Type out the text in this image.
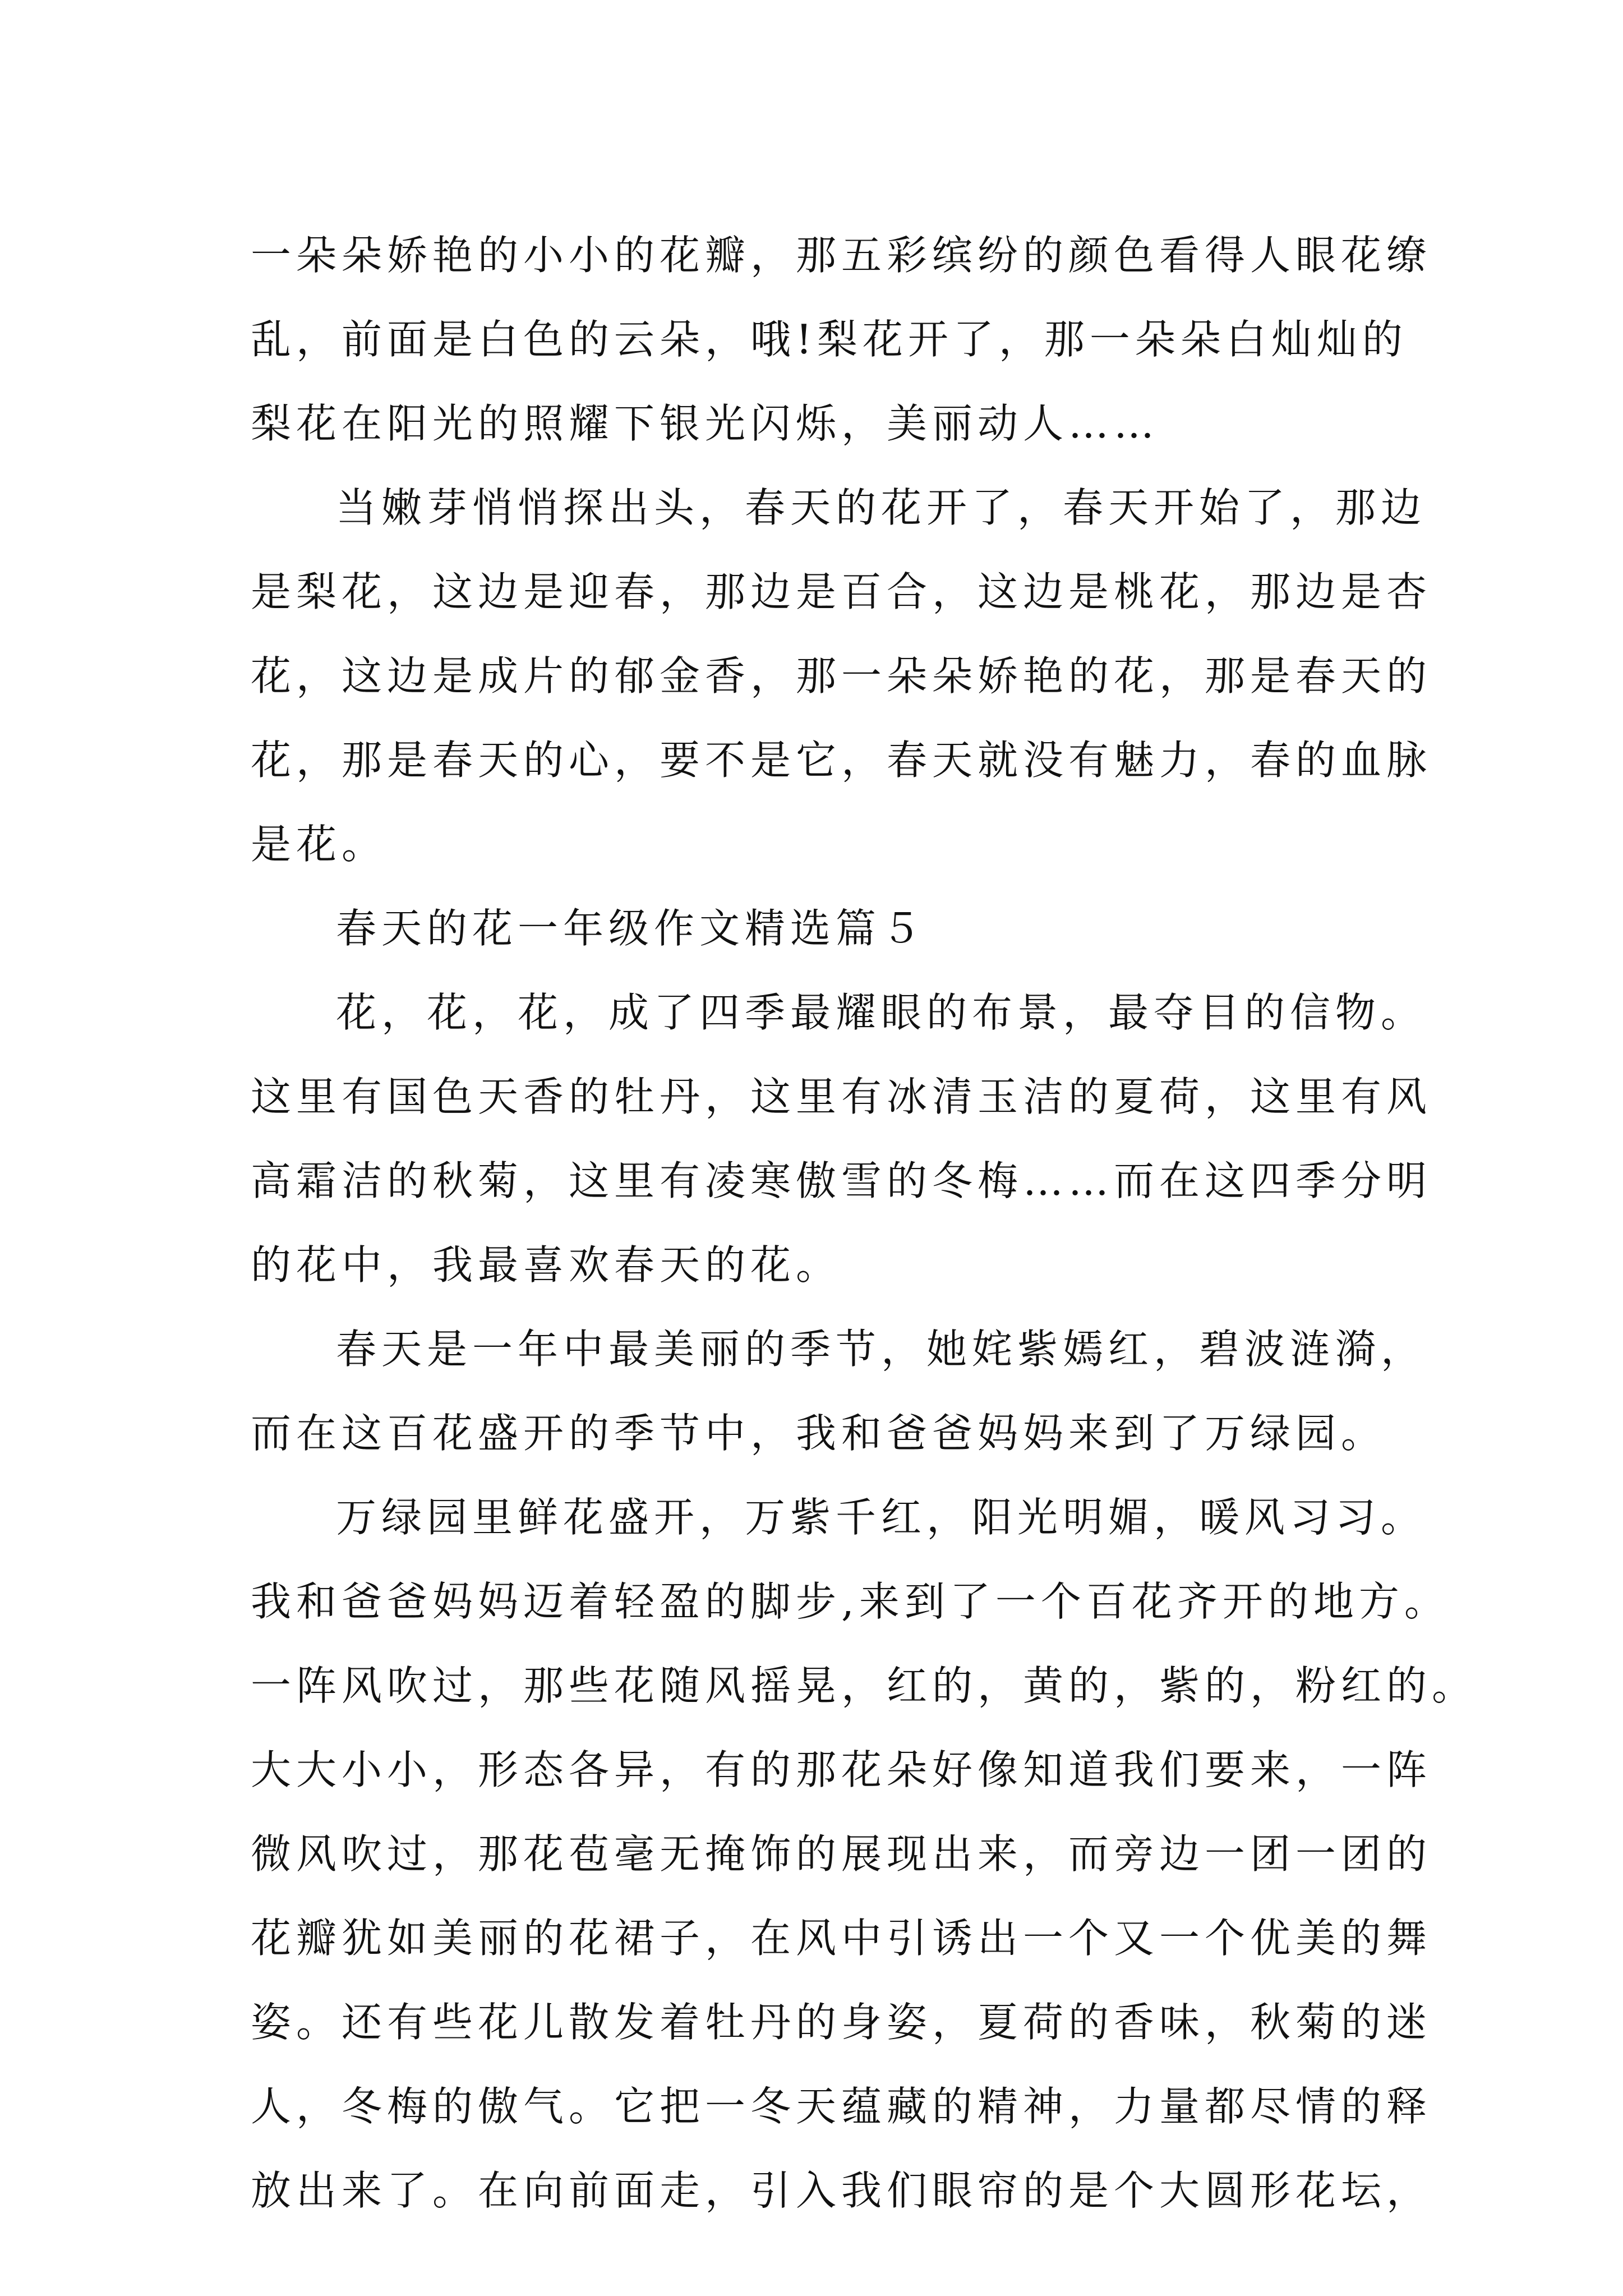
一朵朵娇艳的小小的花瓣，那五彩缤纷的颜色看得人眼花缭
乱，前面是白色的云朵，哦!梨花开了，那一朵朵白灿灿的
梨花在阳光的照耀下银光闪烁，美丽动人……
当嫩芽悄悄探出头，春天的花开了，春天开始了，那边
是梨花，这边是迎春，那边是百合，这边是桃花，那边是杏
花，这边是成片的郁金香，那一朵朵娇艳的花，那是春天的
花，那是春天的心，要不是它，春天就没有魅力，春的血脉
是花。
春天的花一年级作文精选篇５
花，花，花，成了四季最耀眼的布景，最夺目的信物。
这里有国色天香的牡丹，这里有冰清玉洁的夏荷，这里有风
高霜洁的秋菊，这里有凌寒傲雪的冬梅……而在这四季分明
的花中，我最喜欢春天的花。
春天是一年中最美丽的季节，她姹紫嫣红，碧波涟漪，
而在这百花盛开的季节中，我和爸爸妈妈来到了万绿园。
万绿园里鲜花盛开，万紫千红，阳光明媚，暖风习习。
我和爸爸妈妈迈着轻盈的脚步,来到了一个百花齐开的地方。
一阵风吹过，那些花随风摇晃，红的，黄的，紫的，粉红的。
大大小小，形态各异，有的那花朵好像知道我们要来，一阵
微风吹过，那花苞毫无掩饰的展现出来，而旁边一团一团的
花瓣犹如美丽的花裙子，在风中引诱出一个又一个优美的舞
姿。还有些花儿散发着牡丹的身姿，夏荷的香味，秋菊的迷
人，冬梅的傲气。它把一冬天蕴藏的精神，力量都尽情的释
放出来了。在向前面走，引入我们眼帘的是个大圆形花坛，
